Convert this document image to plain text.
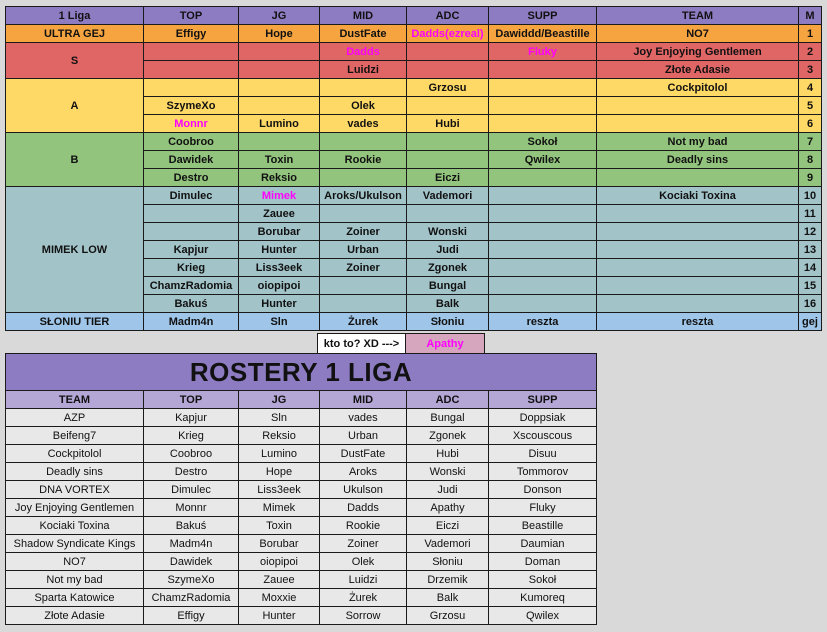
1 Liga	TOP	JG	MID	ADC	SUPP	TEAM	M
ULTRA GEJ	Effigy	Hope	DustFate	Dadds(ezreal)	Dawiddd/Beastille	NO7	1
S			Dadds		Fluky	Joy Enjoying Gentlemen	2
			Luidzi			Złote Adasie	3
A				Grzosu		Cockpitolol	4
	SzymeXo		Olek				5
	Monnr	Lumino	vades	Hubi			6
B	Coobroo				Sokoł	Not my bad	7
	Dawidek	Toxin	Rookie		Qwilex	Deadly sins	8
	Destro	Reksio		Eiczi			9
MIMEK LOW	Dimulec	Mimek	Aroks/Ukulson	Vademori		Kociaki Toxina	10
		Zauee					11
		Borubar	Zoiner	Wonski			12
	Kapjur	Hunter	Urban	Judi			13
	Krieg	Liss3eek	Zoiner	Zgonek			14
	ChamzRadomia	oiopipoi		Bungal			15
	Bakuś	Hunter		Balk			16
SŁONIU TIER	Madm4n	Sln	Żurek	Słoniu	reszta	reszta	gej
kto to? XD --->	Apathy
ROSTERY 1 LIGA					
TEAM	TOP	JG	MID	ADC	SUPP
AZP	Kapjur	Sln	vades	Bungal	Doppsiak
Beifeng7	Krieg	Reksio	Urban	Zgonek	Xscouscous
Cockpitolol	Coobroo	Lumino	DustFate	Hubi	Disuu
Deadly sins	Destro	Hope	Aroks	Wonski	Tommorov
DNA VORTEX	Dimulec	Liss3eek	Ukulson	Judi	Donson
Joy Enjoying Gentlemen	Monnr	Mimek	Dadds	Apathy	Fluky
Kociaki Toxina	Bakuś	Toxin	Rookie	Eiczi	Beastille
Shadow Syndicate Kings	Madm4n	Borubar	Zoiner	Vademori	Daumian
NO7	Dawidek	oiopipoi	Olek	Słoniu	Doman
Not my bad	SzymeXo	Zauee	Luidzi	Drzemik	Sokoł
Sparta Katowice	ChamzRadomia	Moxxie	Żurek	Balk	Kumoreq
Złote Adasie	Effigy	Hunter	Sorrow	Grzosu	Qwilex
